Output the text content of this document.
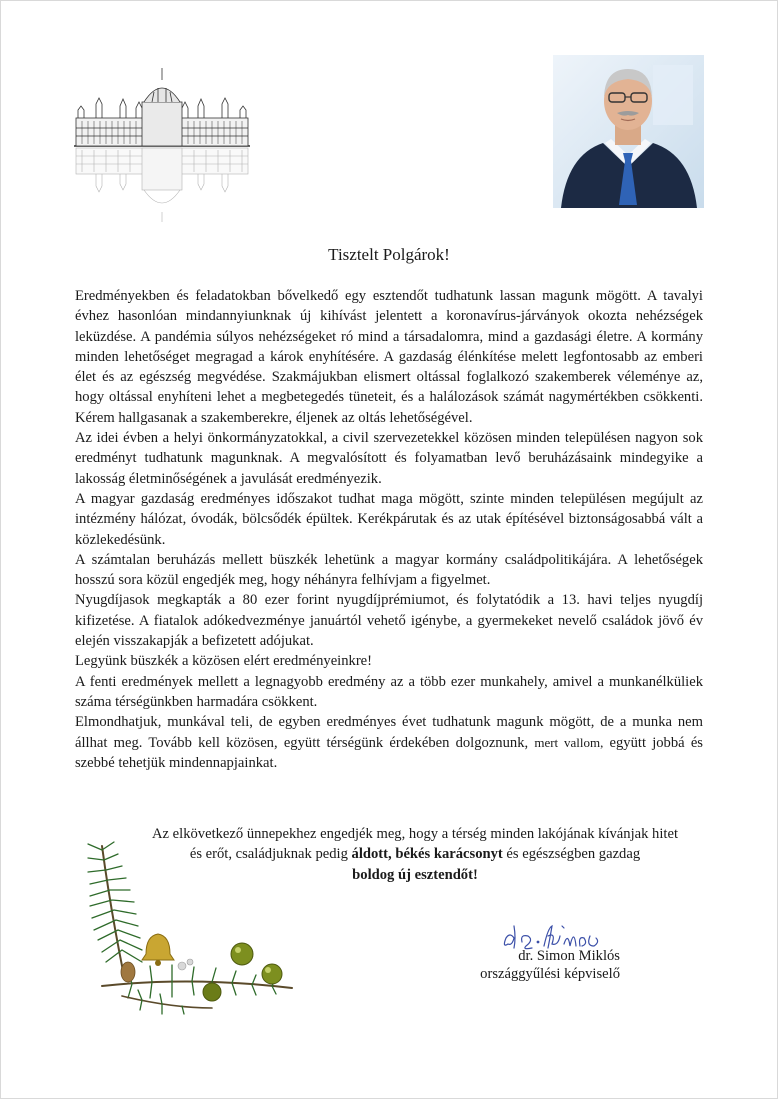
Tisztelt Polgárok!

Eredményekben és feladatokban bővelkedő egy esztendőt tudhatunk lassan magunk mögött. A tavalyi évhez hasonlóan mindannyiunknak új kihívást jelentett a koronavírus-járványok okozta nehézségek leküzdése. A pandémia súlyos nehézségeket ró mind a társadalomra, mind a gazdasági életre. A kormány minden lehetőséget megragad a károk enyhítésére. A gazdaság élénkítése melett legfontosabb az emberi élet és az egészség megvédése. Szakmájukban elismert oltással foglalkozó szakemberek véleménye az, hogy oltással enyhíteni lehet a megbetegedés tüneteit, és a halálozások számát nagymértékben csökkenti. Kérem hallgasanak a szakemberekre, éljenek az oltás lehetőségével.

Az idei évben a helyi önkormányzatokkal, a civil szervezetekkel közösen minden településen nagyon sok eredményt tudhatunk magunknak. A megvalósított és folyamatban levő beruházásaink mindegyike a lakosság életminőségének a javulását eredményezik.

A magyar gazdaság eredményes időszakot tudhat maga mögött, szinte minden településen megújult az intézmény hálózat, óvodák, bölcsődék épültek. Kerékpárutak és az utak építésével biztonságosabbá vált a közlekedésünk.

A számtalan beruházás mellett büszkék lehetünk a magyar kormány családpolitikájára. A lehetőségek hosszú sora közül engedjék meg, hogy néhányra felhívjam a figyelmet.

Nyugdíjasok megkapták a 80 ezer forint nyugdíjprémiumot, és folytatódik a 13. havi teljes nyugdíj kifizetése. A fiatalok adókedvezménye januártól vehető igénybe, a gyermekeket nevelő családok jövő év elején visszakapják a befizetett adójukat.

Legyünk büszkék a közösen elért eredményeinkre!

A fenti eredmények mellett a legnagyobb eredmény az a több ezer munkahely, amivel a munkanélküliek száma térségünkben harmadára csökkent.

Elmondhatjuk, munkával teli, de egyben eredményes évet tudhatunk magunk mögött, de a munka nem állhat meg. Tovább kell közösen, együtt térségünk érdekében dolgoznunk, mert vallom, együtt jobbá és szebbé tehetjük mindennapjainkat.

Az elkövetkező ünnepekhez engedjék meg, hogy a térség minden lakójának kívánjak hitet
és erőt, családjuknak pedig áldott, békés karácsonyt és egészségben gazdag
boldog új esztendőt!
dr. Simon Miklós
országgyűlési képviselő
